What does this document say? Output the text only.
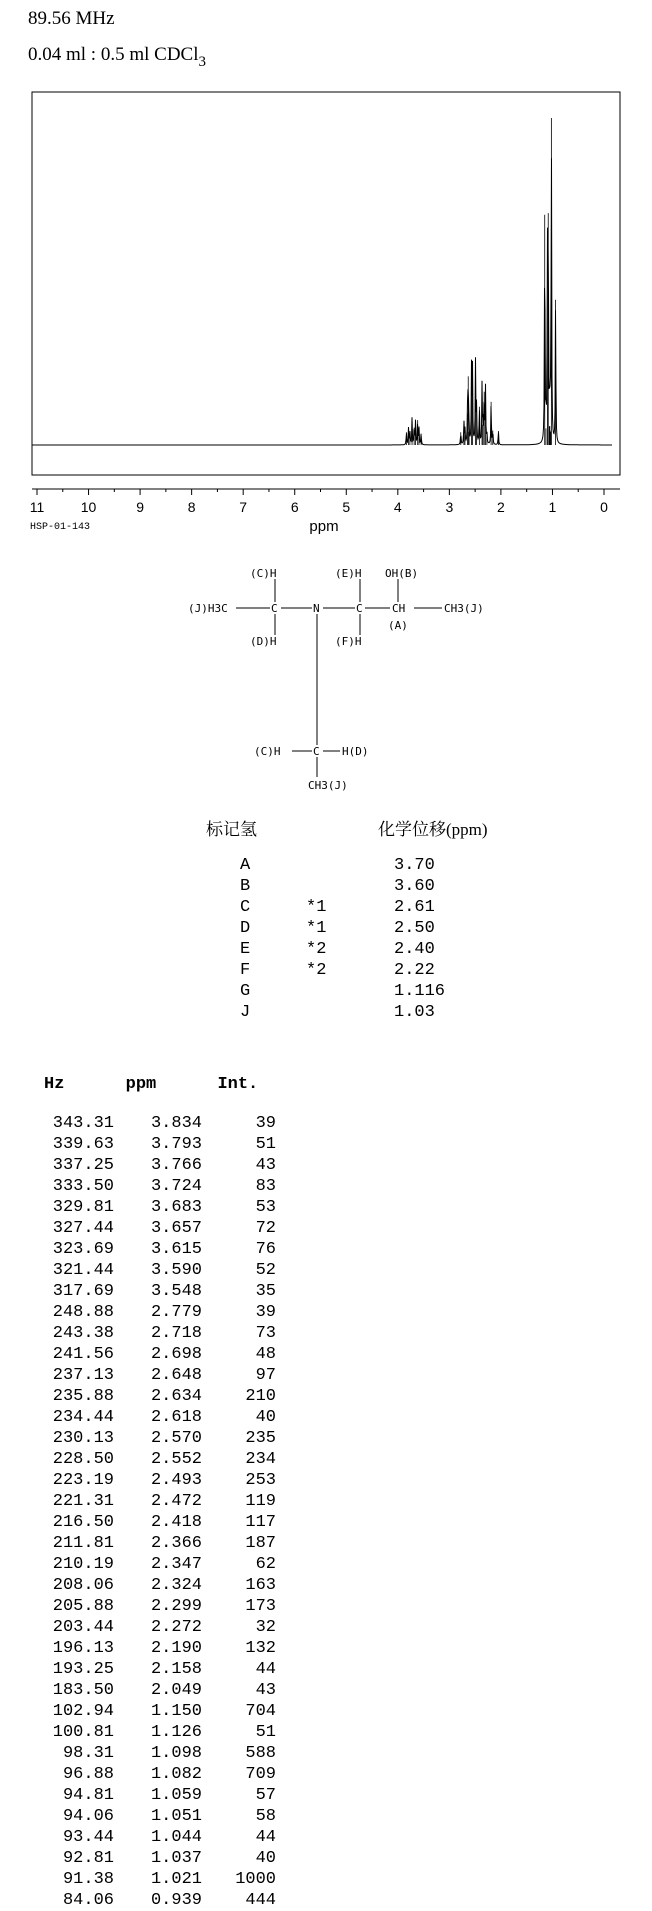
89.56 MHz
0.04 ml : 0.5 ml CDCl$_3$
11	10	9	8	7	6	5	4	3	2	1	0
ppm
HSP-01-143
(C)H	(E)H OH(B)
(J)H3C	C	N	C	CH	CH3(J)
(A)
(D)H	(F)H
(C)H	C H(D)
CH3(J)
标记氢	化学位移(ppm)
A		3.70
B		3.60
C	*1	2.61
D	*1	2.50
E	*2	2.40
F	*2	2.22
G		1.116
J		1.03
Hz	ppm	Int.
343.31	3.834	39
339.63	3.793	51
337.25	3.766	43
333.50	3.724	83
329.81	3.683	53
327.44	3.657	72
323.69	3.615	76
321.44	3.590	52
317.69	3.548	35
248.88	2.779	39
243.38	2.718	73
241.56	2.698	48
237.13	2.648	97
235.88	2.634	210
234.44	2.618	40
230.13	2.570	235
228.50	2.552	234
223.19	2.493	253
221.31	2.472	119
216.50	2.418	117
211.81	2.366	187
210.19	2.347	62
208.06	2.324	163
205.88	2.299	173
203.44	2.272	32
196.13	2.190	132
193.25	2.158	44
183.50	2.049	43
102.94	1.150	704
100.81	1.126	51
98.31	1.098	588
96.88	1.082	709
94.81	1.059	57
94.06	1.051	58
93.44	1.044	44
92.81	1.037	40
91.38	1.021	1000
84.06	0.939	444
